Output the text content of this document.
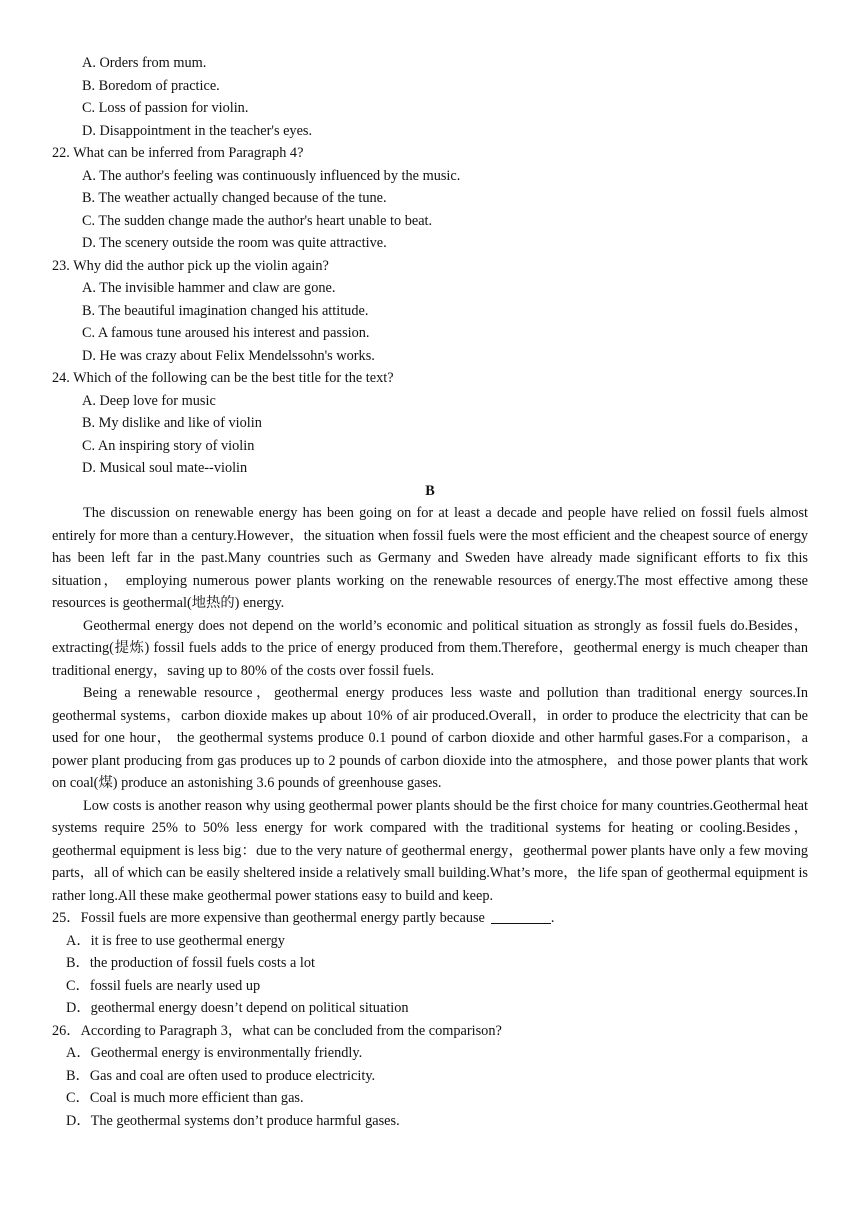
A. Orders from mum.
B. Boredom of practice.
C. Loss of passion for violin.
D. Disappointment in the teacher's eyes.
22. What can be inferred from Paragraph 4?
A. The author's feeling was continuously influenced by the music.
B. The weather actually changed because of the tune.
C. The sudden change made the author's heart unable to beat.
D. The scenery outside the room was quite attractive.
23. Why did the author pick up the violin again?
A. The invisible hammer and claw are gone.
B. The beautiful imagination changed his attitude.
C. A famous tune aroused his interest and passion.
D. He was crazy about Felix Mendelssohn's works.
24. Which of the following can be the best title for the text?
A. Deep love for music
B. My dislike and like of violin
C. An inspiring story of violin
D. Musical soul mate--violin
B

The discussion on renewable energy has been going on for at least a decade and people have relied on fossil fuels almost entirely for more than a century.However，the situation when fossil fuels were the most efficient and the cheapest source of energy has been left far in the past.Many countries such as Germany and Sweden have already made significant efforts to fix this situation， employing numerous power plants working on the renewable resources of energy.The most effective among these resources is geothermal(地热的) energy.

Geothermal energy does not depend on the world’s economic and political situation as strongly as fossil fuels do.Besides，extracting(提炼) fossil fuels adds to the price of energy produced from them.Therefore，geothermal energy is much cheaper than traditional energy，saving up to 80% of the costs over fossil fuels.

Being a renewable resource，geothermal energy produces less waste and pollution than traditional energy sources.In geothermal systems，carbon dioxide makes up about 10% of air produced.Overall，in order to produce the electricity that can be used for one hour， the geothermal systems produce 0.1 pound of carbon dioxide and other harmful gases.For a comparison，a power plant producing from gas produces up to 2 pounds of carbon dioxide into the atmosphere，and those power plants that work on coal(煤) produce an astonishing 3.6 pounds of greenhouse gases.

Low costs is another reason why using geothermal power plants should be the first choice for many countries.Geothermal heat systems require 25% to 50% less energy for work compared with the traditional systems for heating or cooling.Besides，geothermal equipment is less big：due to the very nature of geothermal energy，geothermal power plants have only a few moving parts，all of which can be easily sheltered inside a relatively small building.What’s more，the life span of geothermal equipment is rather long.All these make geothermal power stations easy to build and keep.

25．Fossil fuels are more expensive than geothermal energy partly because	.
A．it is free to use geothermal energy
B．the production of fossil fuels costs a lot
C．fossil fuels are nearly used up
D．geothermal energy doesn’t depend on political situation
26．According to Paragraph 3，what can be concluded from the comparison?
A．Geothermal energy is environmentally friendly.
B．Gas and coal are often used to produce electricity.
C．Coal is much more efficient than gas.
D．The geothermal systems don’t produce harmful gases.
